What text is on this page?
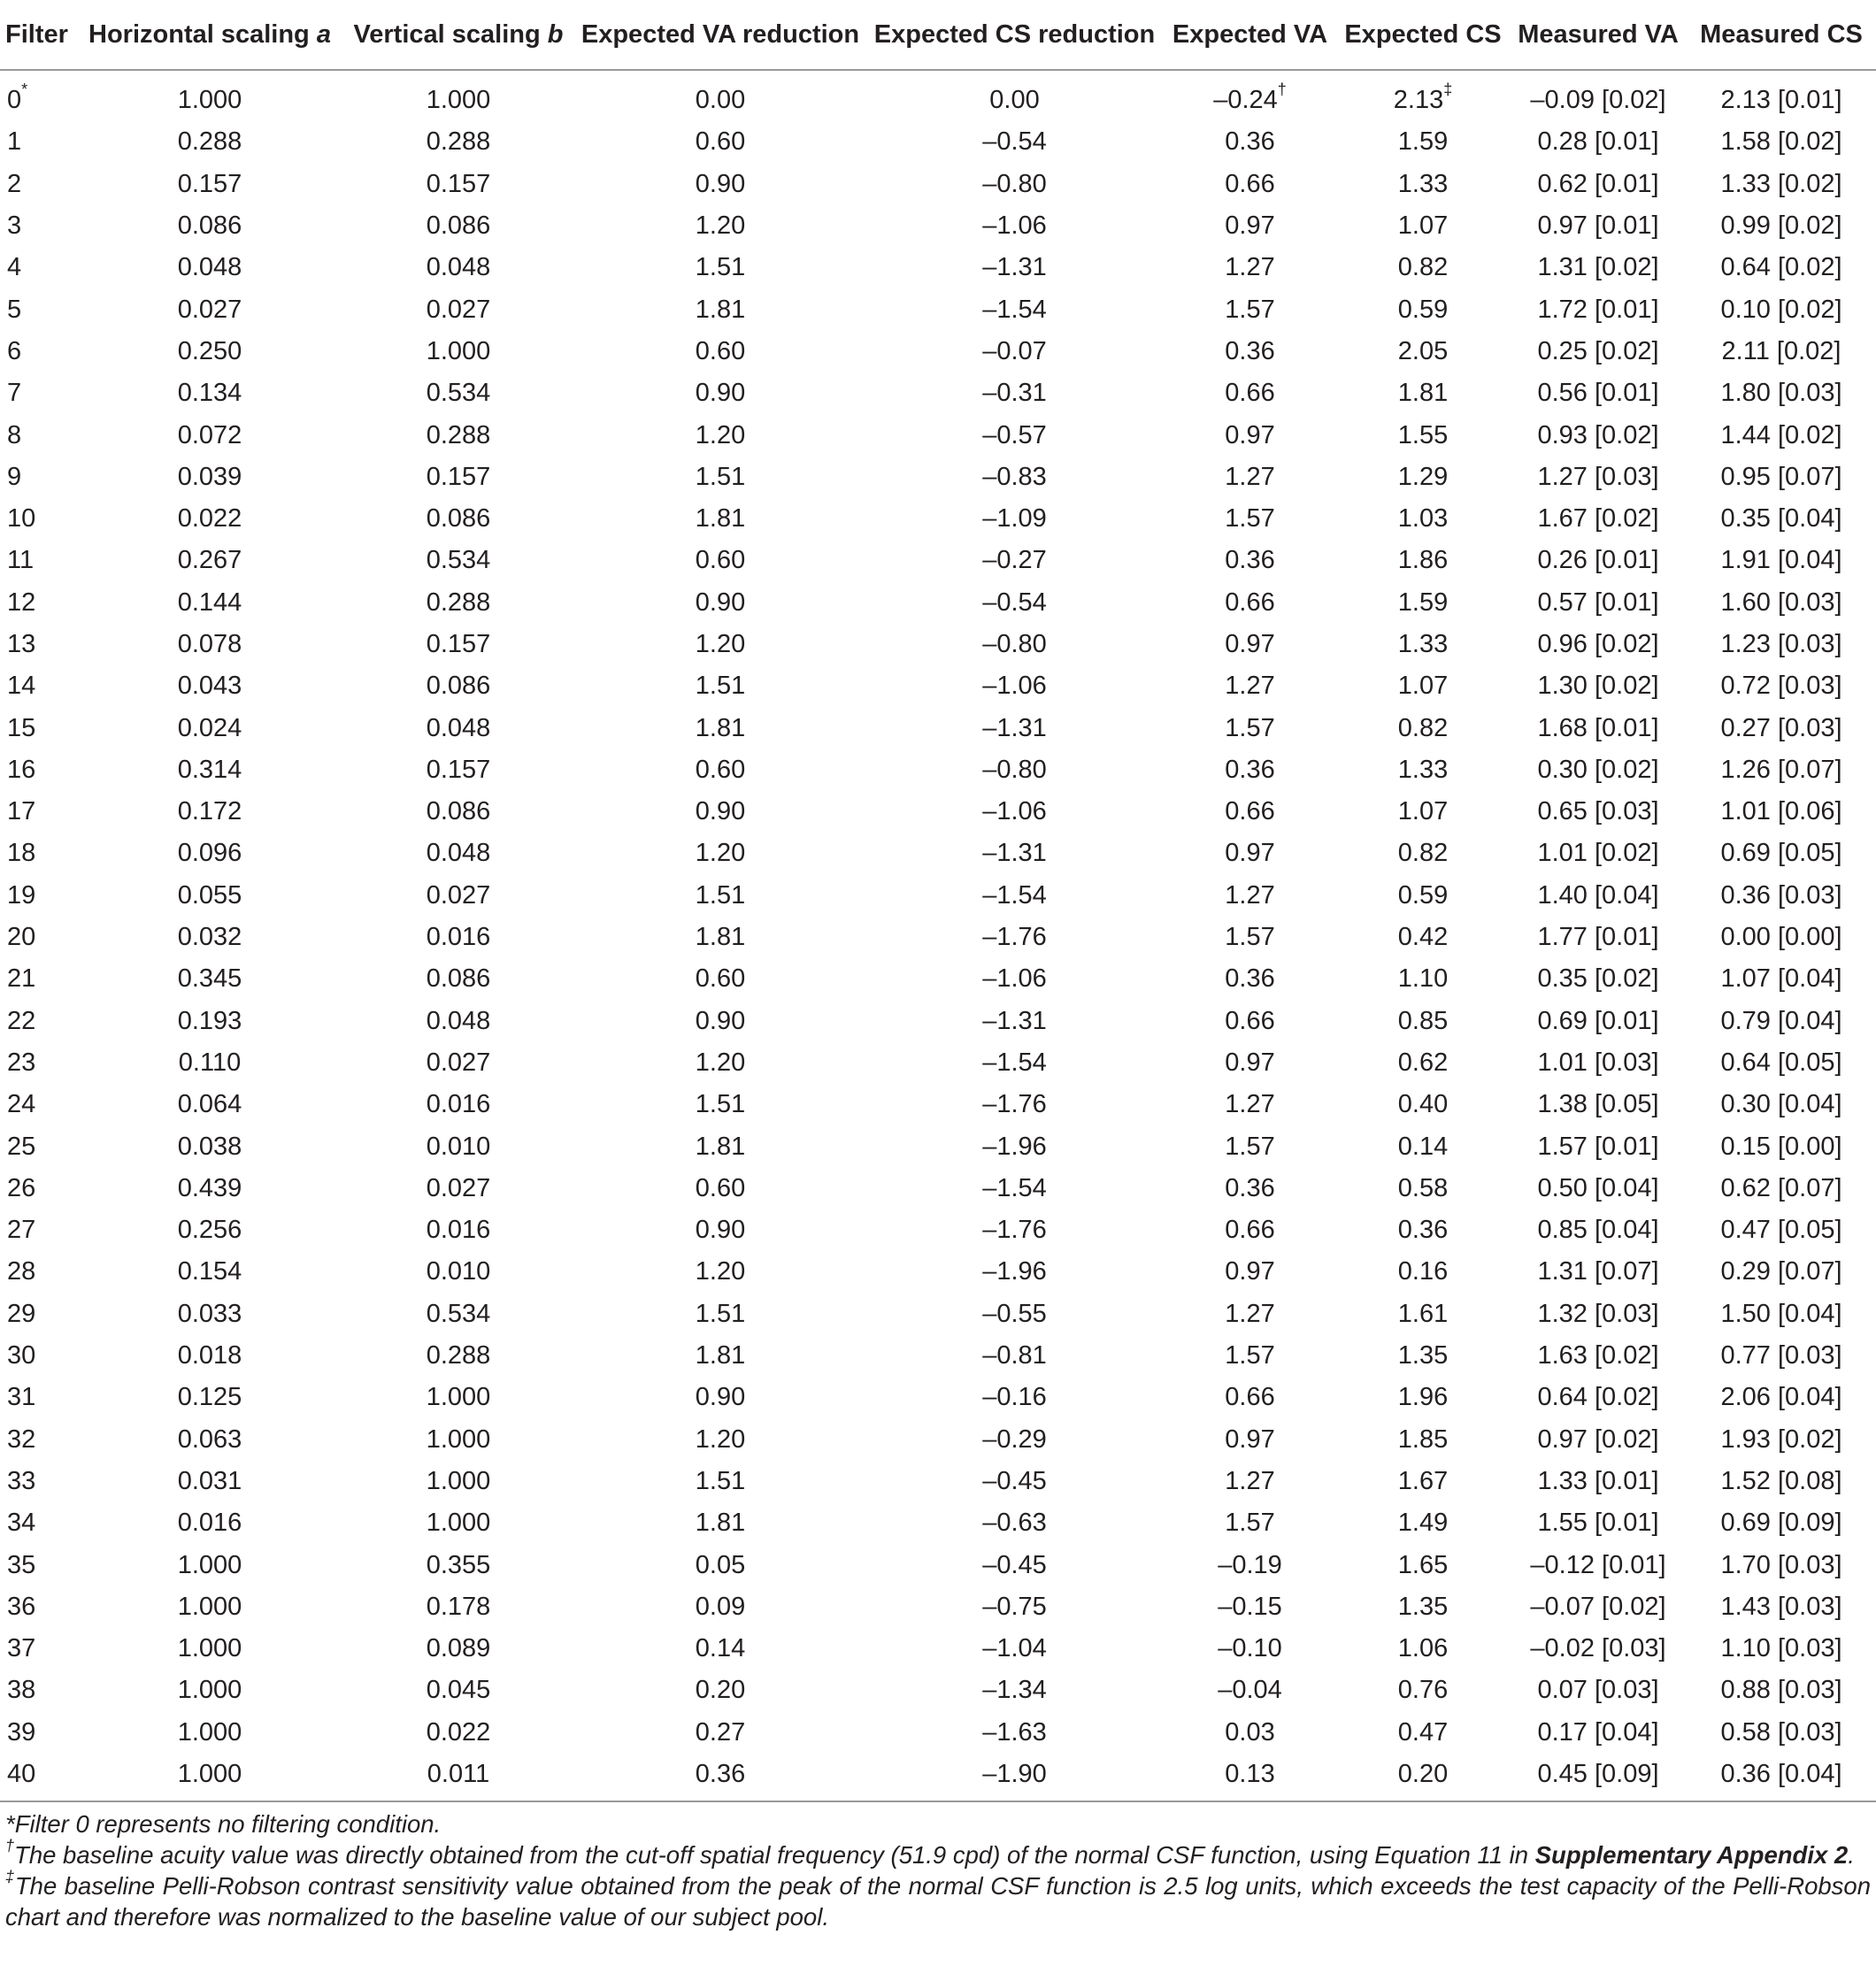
Filter	Horizontal scaling a	Vertical scaling b	Expected VA reduction	Expected CS reduction	Expected VA	Expected CS	Measured VA	Measured CS
0*	1.000	1.000	0.00	0.00	–0.24†	2.13‡	–0.09 [0.02]	2.13 [0.01]
1	0.288	0.288	0.60	–0.54	0.36	1.59	0.28 [0.01]	1.58 [0.02]
2	0.157	0.157	0.90	–0.80	0.66	1.33	0.62 [0.01]	1.33 [0.02]
3	0.086	0.086	1.20	–1.06	0.97	1.07	0.97 [0.01]	0.99 [0.02]
4	0.048	0.048	1.51	–1.31	1.27	0.82	1.31 [0.02]	0.64 [0.02]
5	0.027	0.027	1.81	–1.54	1.57	0.59	1.72 [0.01]	0.10 [0.02]
6	0.250	1.000	0.60	–0.07	0.36	2.05	0.25 [0.02]	2.11 [0.02]
7	0.134	0.534	0.90	–0.31	0.66	1.81	0.56 [0.01]	1.80 [0.03]
8	0.072	0.288	1.20	–0.57	0.97	1.55	0.93 [0.02]	1.44 [0.02]
9	0.039	0.157	1.51	–0.83	1.27	1.29	1.27 [0.03]	0.95 [0.07]
10	0.022	0.086	1.81	–1.09	1.57	1.03	1.67 [0.02]	0.35 [0.04]
11	0.267	0.534	0.60	–0.27	0.36	1.86	0.26 [0.01]	1.91 [0.04]
12	0.144	0.288	0.90	–0.54	0.66	1.59	0.57 [0.01]	1.60 [0.03]
13	0.078	0.157	1.20	–0.80	0.97	1.33	0.96 [0.02]	1.23 [0.03]
14	0.043	0.086	1.51	–1.06	1.27	1.07	1.30 [0.02]	0.72 [0.03]
15	0.024	0.048	1.81	–1.31	1.57	0.82	1.68 [0.01]	0.27 [0.03]
16	0.314	0.157	0.60	–0.80	0.36	1.33	0.30 [0.02]	1.26 [0.07]
17	0.172	0.086	0.90	–1.06	0.66	1.07	0.65 [0.03]	1.01 [0.06]
18	0.096	0.048	1.20	–1.31	0.97	0.82	1.01 [0.02]	0.69 [0.05]
19	0.055	0.027	1.51	–1.54	1.27	0.59	1.40 [0.04]	0.36 [0.03]
20	0.032	0.016	1.81	–1.76	1.57	0.42	1.77 [0.01]	0.00 [0.00]
21	0.345	0.086	0.60	–1.06	0.36	1.10	0.35 [0.02]	1.07 [0.04]
22	0.193	0.048	0.90	–1.31	0.66	0.85	0.69 [0.01]	0.79 [0.04]
23	0.110	0.027	1.20	–1.54	0.97	0.62	1.01 [0.03]	0.64 [0.05]
24	0.064	0.016	1.51	–1.76	1.27	0.40	1.38 [0.05]	0.30 [0.04]
25	0.038	0.010	1.81	–1.96	1.57	0.14	1.57 [0.01]	0.15 [0.00]
26	0.439	0.027	0.60	–1.54	0.36	0.58	0.50 [0.04]	0.62 [0.07]
27	0.256	0.016	0.90	–1.76	0.66	0.36	0.85 [0.04]	0.47 [0.05]
28	0.154	0.010	1.20	–1.96	0.97	0.16	1.31 [0.07]	0.29 [0.07]
29	0.033	0.534	1.51	–0.55	1.27	1.61	1.32 [0.03]	1.50 [0.04]
30	0.018	0.288	1.81	–0.81	1.57	1.35	1.63 [0.02]	0.77 [0.03]
31	0.125	1.000	0.90	–0.16	0.66	1.96	0.64 [0.02]	2.06 [0.04]
32	0.063	1.000	1.20	–0.29	0.97	1.85	0.97 [0.02]	1.93 [0.02]
33	0.031	1.000	1.51	–0.45	1.27	1.67	1.33 [0.01]	1.52 [0.08]
34	0.016	1.000	1.81	–0.63	1.57	1.49	1.55 [0.01]	0.69 [0.09]
35	1.000	0.355	0.05	–0.45	–0.19	1.65	–0.12 [0.01]	1.70 [0.03]
36	1.000	0.178	0.09	–0.75	–0.15	1.35	–0.07 [0.02]	1.43 [0.03]
37	1.000	0.089	0.14	–1.04	–0.10	1.06	–0.02 [0.03]	1.10 [0.03]
38	1.000	0.045	0.20	–1.34	–0.04	0.76	0.07 [0.03]	0.88 [0.03]
39	1.000	0.022	0.27	–1.63	0.03	0.47	0.17 [0.04]	0.58 [0.03]
40	1.000	0.011	0.36	–1.90	0.13	0.20	0.45 [0.09]	0.36 [0.04]

*Filter 0 represents no filtering condition.

†The baseline acuity value was directly obtained from the cut-off spatial frequency (51.9 cpd) of the normal CSF function, using Equation 11 in Supplementary Appendix 2.

‡The baseline Pelli-Robson contrast sensitivity value obtained from the peak of the normal CSF function is 2.5 log units, which exceeds the test capacity of the Pelli-Robson chart and therefore was normalized to the baseline value of our subject pool.
